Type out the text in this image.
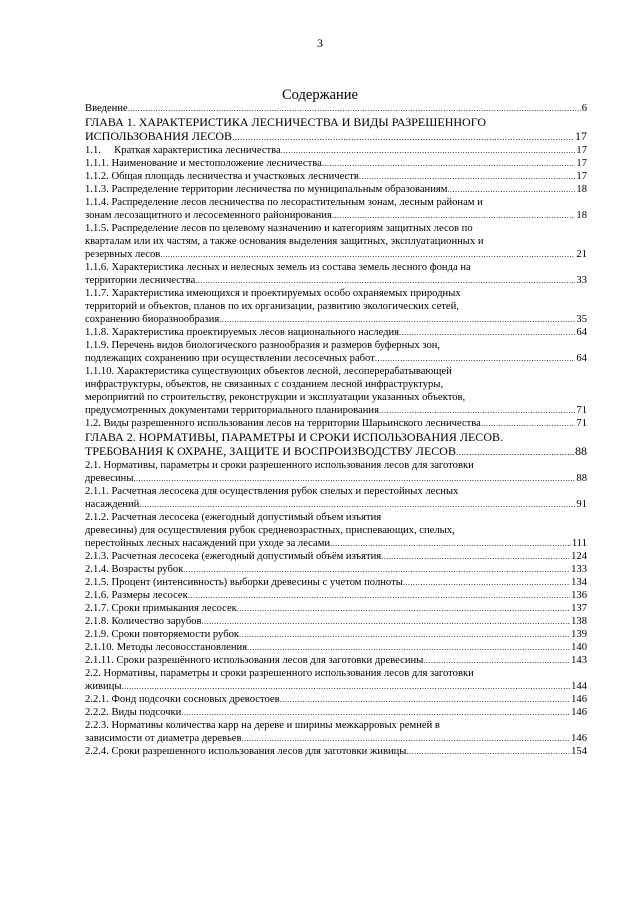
3
Содержание
Введение .....	6
ГЛАВА 1. ХАРАКТЕРИСТИКА ЛЕСНИЧЕСТВА И ВИДЫ РАЗРЕШЕННОГО
ИСПОЛЬЗОВАНИЯ ЛЕСОВ .....	17
1.1.     Краткая характеристика лесничества .....	17
1.1.1. Наименование и местоположение лесничества .....	17
1.1.2. Общая площадь лесничества и участковых лесничеств .....	17
1.1.3. Распределение территории лесничества по муниципальным образованиям .....	18
1.1.4. Распределение лесов лесничества по лесорастительным зонам, лесным районам и
зонам лесозащитного и лесосеменного районирования .....	18
1.1.5. Распределение лесов по целевому назначению и категориям защитных лесов по
кварталам или их частям, а также основания выделения защитных, эксплуатационных и
резервных лесов .....	21
1.1.6. Характеристика лесных и нелесных земель из состава земель лесного фонда на
территории лесничества .....	33
1.1.7. Характеристика имеющихся и проектируемых особо охраняемых природных
территорий и объектов, планов по их организации, развитию экологических сетей,
сохранению биоразнообразия .....	35
1.1.8. Характеристика проектируемых лесов национального наследия .....	64
1.1.9. Перечень видов биологического разнообразия и размеров буферных зон,
подлежащих сохранению при осуществлении лесосечных работ .....	64
1.1.10. Характеристика существующих объектов лесной, лесоперерабатывающей
инфраструктуры, объектов, не связанных с созданием лесной инфраструктуры,
мероприятий по строительству, реконструкции и эксплуатации указанных объектов,
предусмотренных документами территориального планирования .....	71
1.2. Виды разрешенного использования лесов на территории Шарьинского лесничества .....	71
ГЛАВА 2. НОРМАТИВЫ, ПАРАМЕТРЫ И СРОКИ ИСПОЛЬЗОВАНИЯ ЛЕСОВ.
ТРЕБОВАНИЯ К ОХРАНЕ, ЗАЩИТЕ И ВОСПРОИЗВОДСТВУ ЛЕСОВ .....	88
2.1. Нормативы, параметры и сроки разрешенного использования лесов для заготовки
древесины .....	88
2.1.1. Расчетная лесосека для осуществления рубок спелых и перестойных лесных
насаждений .....	91
2.1.2. Расчетная лесосека (ежегодный допустимый объем изъятия
древесины) для осуществления рубок средневозрастных, приспевающих, спелых,
перестойных лесных насаждений при уходе за лесами .....	111
2.1.3. Расчетная лесосека (ежегодный допустимый объём изъятия .....	124
2.1.4. Возрасты рубок .....	133
2.1.5. Процент (интенсивность) выборки древесины с учетом полноты .....	134
2.1.6. Размеры лесосек .....	136
2.1.7. Сроки примыкания лесосек .....	137
2.1.8. Количество зарубов .....	138
2.1.9. Сроки повторяемости рубок .....	139
2.1.10. Методы лесовосстановления .....	140
2.1.11. Сроки разрешённого использования лесов для заготовки древесины .....	143
2.2. Нормативы, параметры и сроки разрешенного использования лесов для заготовки
живицы .....	144
2.2.1. Фонд подсочки сосновых древостоев .....	146
2.2.2. Виды подсочки .....	146
2.2.3. Нормативы количества карр на дереве и ширины межкарровых ремней в
зависимости от диаметра деревьев .....	146
2.2.4. Сроки разрешенного использования лесов для заготовки живицы .....	154
